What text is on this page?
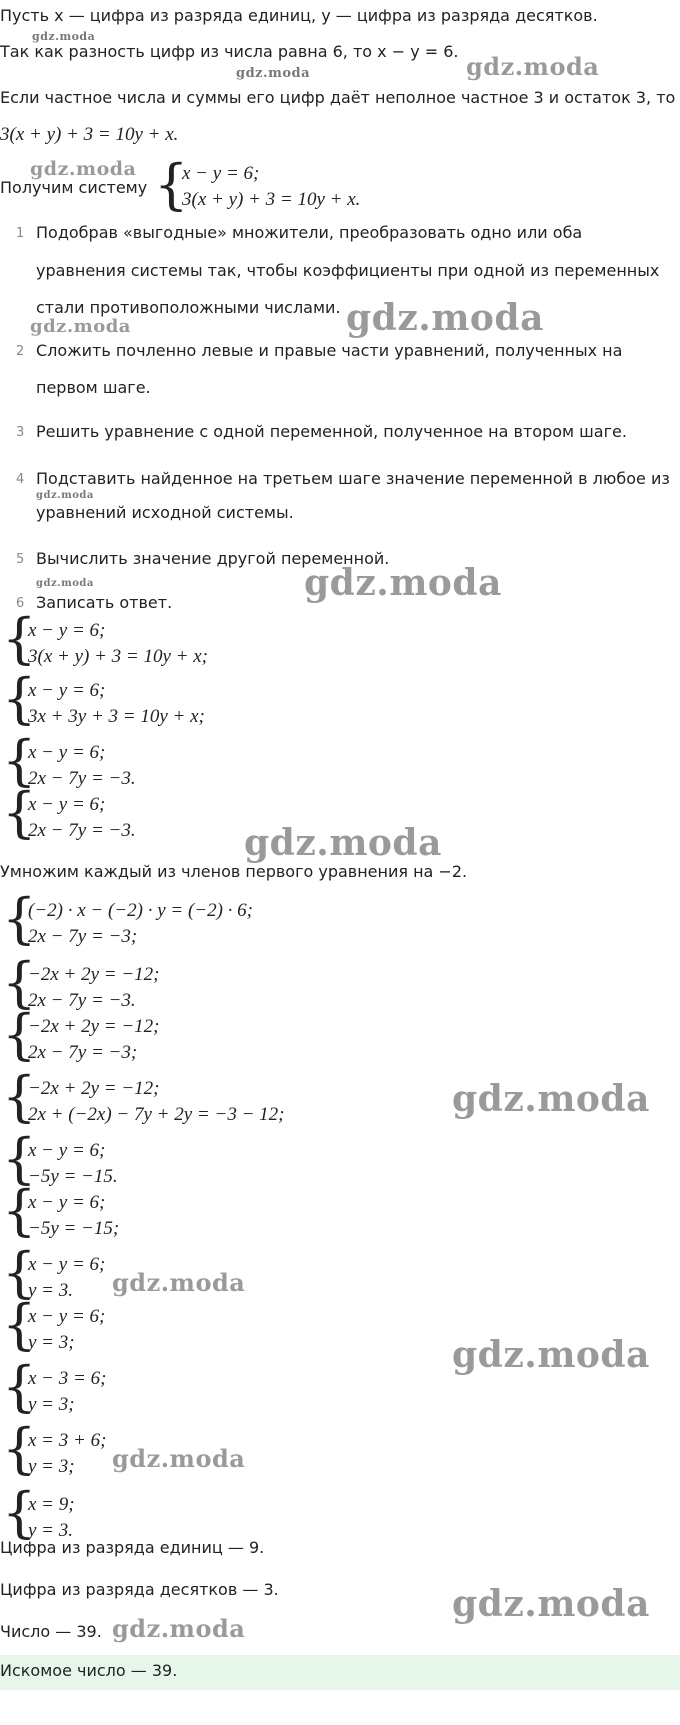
Пусть x — цифра из разряда единиц, y — цифра из разряда десятков.
gdz.moda
Так как разность цифр из числа равна 6, то x − y = 6.
gdz.moda	gdz.moda
Если частное числа и суммы его цифр даёт неполное частное 3 и остаток 3, то
3(x + y) + 3 = 10y + x.
gdz.moda
Получим систему {
x − y = 6;
3(x + y) + 3 = 10y + x.
1 Подобрав «выгодные» множители, преобразовать одно или оба
уравнения системы так, чтобы коэффициенты при одной из переменных
стали противоположными числами.
gdz.moda	gdz.moda
2 Сложить почленно левые и правые части уравнений, полученных на
первом шаге.
3 Решить уравнение с одной переменной, полученное на втором шаге.
4 Подставить найденное на третьем шаге значение переменной в любое из
gdz.moda
уравнений исходной системы.
5 Вычислить значение другой переменной.
gdz.moda
6 Записать ответ.	gdz.moda
{
x − y = 6;
3(x + y) + 3 = 10y + x;
{
x − y = 6;
3x + 3y + 3 = 10y + x;
{
x − y = 6;
2x − 7y = −3.
{
x − y = 6;
2x − 7y = −3.	gdz.moda
Умножим каждый из членов первого уравнения на −2.
{
(−2) · x − (−2) · y = (−2) · 6;
2x − 7y = −3;
{
−2x + 2y = −12;
2x − 7y = −3.
{
−2x + 2y = −12;
2x − 7y = −3;
{
−2x + 2y = −12;
2x + (−2x) − 7y + 2y = −3 − 12;	gdz.moda
{
x − y = 6;
−5y = −15.
{
x − y = 6;
−5y = −15;
{
x − y = 6;
y = 3. gdz.moda
{
x − y = 6;
y = 3;	gdz.moda
{
x − 3 = 6;
y = 3;
{
x = 3 + 6;
y = 3; gdz.moda
{
x = 9;
y = 3.
Цифра из разряда единиц — 9.
Цифра из разряда десятков — 3.	gdz.moda
Число — 39. gdz.moda
Искомое число — 39.
